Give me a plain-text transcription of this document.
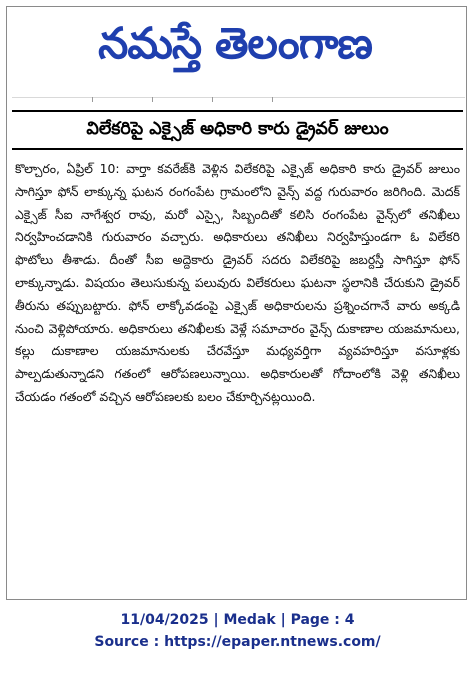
నమస్తే తెలంగాణ
విలేకరిపై ఎక్సైజ్ అధికారి కారు డ్రైవర్ జులుం

కొల్చారం, ఏప్రిల్ 10: వార్తా కవరేజ్‌కి వెళ్లిన విలేకరిపై ఎక్సైజ్ అధికారి కారు డ్రైవర్ జులుం సాగిస్తూ ఫోన్ లాక్కున్న ఘటన రంగంపేట గ్రామంలోని వైన్స్ వద్ద గురువారం జరిగింది. మెదక్ ఎక్సైజ్ సీఐ నాగేశ్వర రావు, మరో ఎస్సై, సిబ్బందితో కలిసి రంగంపేట వైన్స్‌లో తనిఖీలు నిర్వహించడానికి గురువారం వచ్చారు. అధికారులు తనిఖీలు నిర్వహిస్తుండగా ఓ విలేకరి ఫొటోలు తీశాడు. దీంతో సీఐ అద్దెకారు డ్రైవర్ సదరు విలేకరిపై జబర్దస్తీ సాగిస్తూ ఫోన్ లాక్కున్నాడు. విషయం తెలుసుకున్న పలువురు విలేకరులు ఘటనా స్థలానికి చేరుకుని డ్రైవర్ తీరును తప్పుబట్టారు. ఫోన్ లాక్కోవడంపై ఎక్సైజ్ అధికారులను ప్రశ్నించగానే వారు అక్కడి నుంచి వెళ్లిపోయారు. అధికారులు తనిఖీలకు వెళ్లే సమాచారం వైన్స్ దుకాణాల యజమానులు, కల్లు దుకాణాల యజమానులకు చేరవేస్తూ మధ్యవర్తిగా వ్యవహరిస్తూ వసూళ్లకు పాల్పడుతున్నాడని గతంలో ఆరోపణలున్నాయి. అధికారులతో గోదాంలోకి వెళ్లి తనిఖీలు చేయడం గతంలో వచ్చిన ఆరోపణలకు బలం చేకూర్చినట్లయింది.

11/04/2025 | Medak | Page : 4
Source : https://epaper.ntnews.com/
